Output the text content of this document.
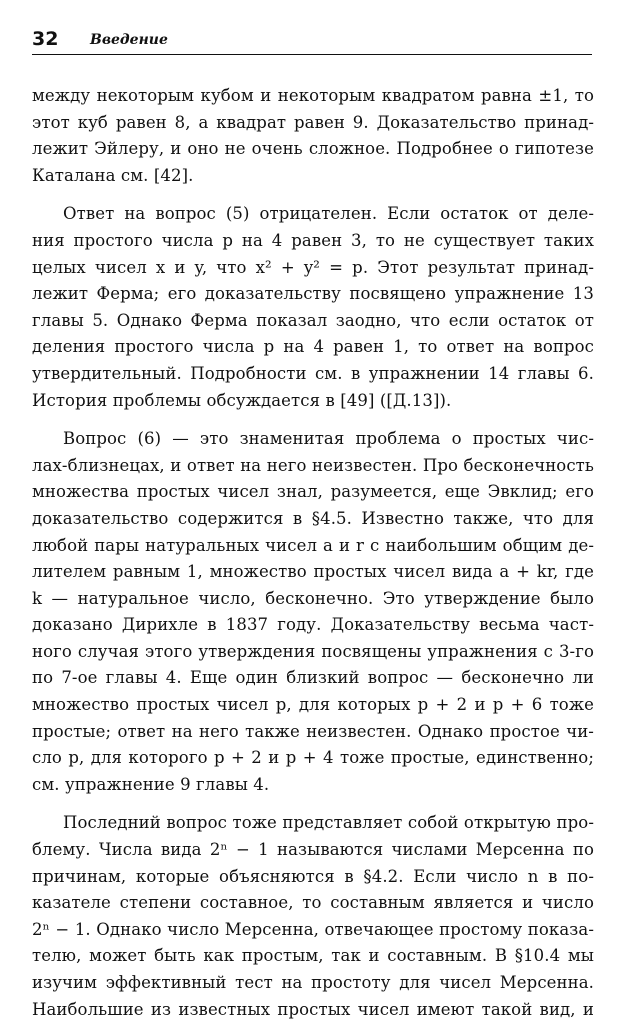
32 Введение

между некоторым кубом и некоторым квадратом равна ±1, то
этот куб равен 8, а квадрат равен 9. Доказательство принад-
лежит Эйлеру, и оно не очень сложное. Подробнее о гипотезе
Каталана см. [42].

Ответ на вопрос (5) отрицателен. Если остаток от деле-
ния простого числа p на 4 равен 3, то не существует таких
целых чисел x и y, что x² + y² = p. Этот результат принад-
лежит Ферма; его доказательству посвящено упражнение 13
главы 5. Однако Ферма показал заодно, что если остаток от
деления простого числа p на 4 равен 1, то ответ на вопрос
утвердительный. Подробности см. в упражнении 14 главы 6.
История проблемы обсуждается в [49] ([Д.13]).

Вопрос (6) — это знаменитая проблема о простых чис-
лах-близнецах, и ответ на него неизвестен. Про бесконечность
множества простых чисел знал, разумеется, еще Эвклид; его
доказательство содержится в §4.5. Известно также, что для
любой пары натуральных чисел a и r с наибольшим общим де-
лителем равным 1, множество простых чисел вида a + kr, где
k — натуральное число, бесконечно. Это утверждение было
доказано Дирихле в 1837 году. Доказательству весьма част-
ного случая этого утверждения посвящены упражнения с 3-го
по 7-ое главы 4. Еще один близкий вопрос — бесконечно ли
множество простых чисел p, для которых p + 2 и p + 6 тоже
простые; ответ на него также неизвестен. Однако простое чи-
сло p, для которого p + 2 и p + 4 тоже простые, единственно;
см. упражнение 9 главы 4.

Последний вопрос тоже представляет собой открытую про-
блему. Числа вида 2ⁿ − 1 называются числами Мерсенна по
причинам, которые объясняются в §4.2. Если число n в по-
казателе степени составное, то составным является и число
2ⁿ − 1. Однако число Мерсенна, отвечающее простому показа-
телю, может быть как простым, так и составным. В §10.4 мы
изучим эффективный тест на простоту для чисел Мерсенна.
Наибольшие из известных простых чисел имеют такой вид, и
